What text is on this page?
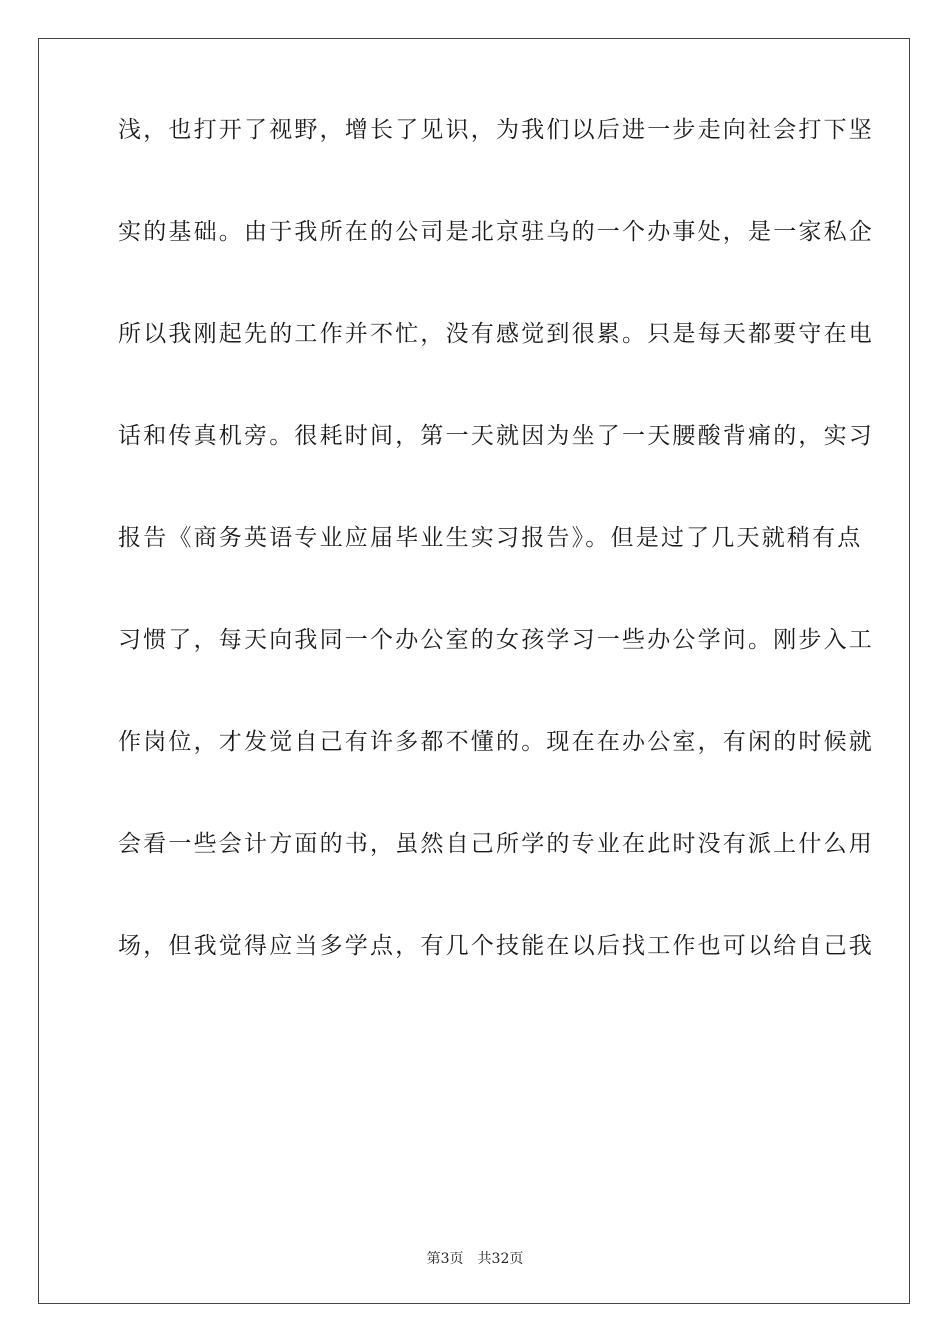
浅，也打开了视野，增长了见识，为我们以后进一步走向社会打下坚
实的基础。由于我所在的公司是北京驻乌的一个办事处，是一家私企
所以我刚起先的工作并不忙，没有感觉到很累。只是每天都要守在电
话和传真机旁。很耗时间，第一天就因为坐了一天腰酸背痛的，实习
报告《商务英语专业应届毕业生实习报告》。但是过了几天就稍有点
习惯了，每天向我同一个办公室的女孩学习一些办公学问。刚步入工
作岗位，才发觉自己有许多都不懂的。现在在办公室，有闲的时候就
会看一些会计方面的书，虽然自己所学的专业在此时没有派上什么用
场，但我觉得应当多学点，有几个技能在以后找工作也可以给自己我
第3页 共32页
